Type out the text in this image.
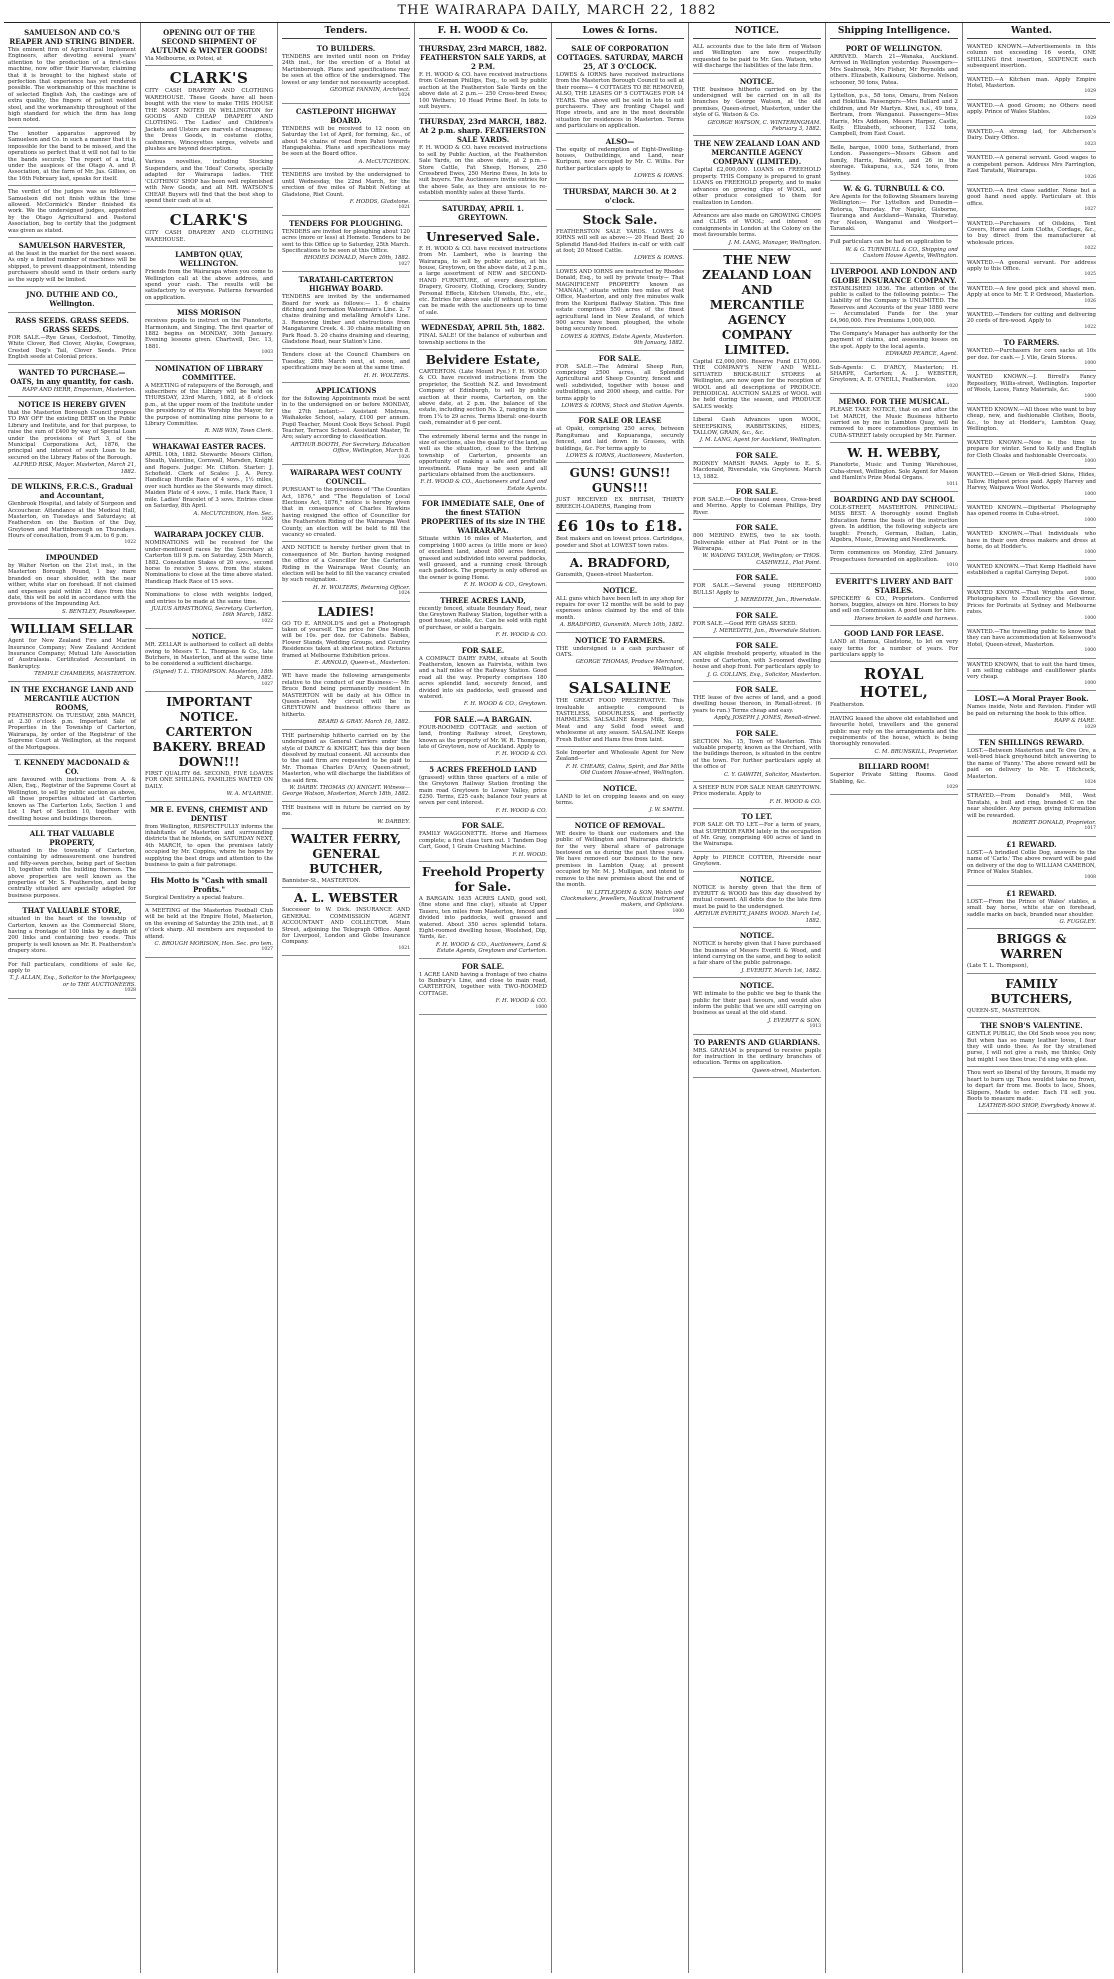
THE WAIRARAPA DAILY, MARCH 22, 1882
SAMUELSON AND CO.'S REAPER AND STRING BINDER.
This eminent firm of Agricultural Implement Engineers, after devoting several years' attention to the production of a first-class machine, now offer their Harvester, claiming that it is brought to the highest state of perfection that experience has yet rendered possible. The workmanship of this machine is of selected English Ash, the castings are of extra quality, the fingers of patent welded steel, and the workmanship throughout of the high standard for which the firm has long been noted.
The knotter apparatus approved by Samuelson and Co. in such a manner that it is impossible for the band to be missed, and the operations so perfect that it will not fail to tie the bands securely. The report of a trial, under the auspices of the Otago A. and P. Association, at the farm of Mr. Jas. Gillies, on the 16th February last, speaks for itself.
The verdict of the judges was as follows:— Samuelson did not finish within the time allowed. McCormick's Binder finished its work. We the undersigned judges, appointed by the Otago Agricultural and Pastoral Association, beg to certify that the judgment was given as stated.
SAMUELSON HARVESTER,
at the least in the market for the next season. As only a limited number of machines will be shipped, to prevent disappointment, intending purchasers should send in their orders early as the supply will be limited.
JNO. DUTHIE AND CO., Wellington.
RASS SEEDS. GRASS SEEDS. GRASS SEEDS.
FOR SALE.—Rye Grass, Cocksfoot, Timothy, White Clover, Red Clover, Alsyke, Cowgrass, Crested Dog's Tail, Clover Seeds. Price English seeds at Colonial prices.
WANTED TO PURCHASE.—OATS, in any quantity, for cash.
RAPP AND HERR, Emporium, Masterton.
NOTICE IS HEREBY GIVEN
that the Masterton Borough Council propose TO PAY OFF the existing DEBT on the Public Library and Institute, and for that purpose, to raise the sum of £400 by way of Special Loan under the provisions of Part 3, of the Municipal Corporations Act, 1876, the principal and interest of such Loan to be secured on the Library Rates of the Borough.
ALFRED RISK, Mayor. Masterton, March 21, 1882.
DE WILKINS, F.R.C.S., Gradual and Accountant,
Glenbrook Hospital, and lately of Surgeon and Accoucheur. Attendance at the Medical Hall, Masterton, on Tuesdays and Saturdays; at Featherston on the Bastion of the Day, Greytown and Martinborough on Thursdays. Hours of consultation, from 9 a.m. to 6 p.m.
1022
IMPOUNDED
by Walter Norton on the 21st inst., in the Masterton Borough Pound, 1 bay mare branded on near shoulder, with the near wither, white star on forehead. If not claimed and expenses paid within 21 days from this date, this will be sold in accordance with the provisions of the Impounding Act.
S. BENTLEY, Poundkeeper.
WILLIAM SELLAR
Agent for New Zealand Fire and Marine Insurance Company; New Zealand Accident Insurance Company; Mutual Life Association of Australasia. Certificated Accountant in Bankruptcy.
TEMPLE CHAMBERS, MASTERTON.
IN THE EXCHANGE LAND AND MERCANTILE AUCTION ROOMS,
FEATHERSTON. On TUESDAY, 28th MARCH, at 2.30 o'clock p.m. Important Sale of Properties in the Township of Carterton, Wairarapa, by order of the Registrar of the Supreme Court at Wellington, at the request of the Mortgagees.
T. KENNEDY MACDONALD & CO.
are favoured with instructions from A. & Allen, Esq., Registrar of the Supreme Court at Wellington, to sell by public auction as above, all those properties situated at Carterton known as The Carterton Lots, Section 1 and Lot 1 Part of Section 10, together with dwelling house and buildings thereon.
ALL THAT VALUABLE PROPERTY,
situated in the township of Carterton, containing by admeasurement one hundred and fifty-seven perches, being part of Section 10, together with the building thereon. The above properties are well known as the properties of Mr. S. Featherston, and being centrally situated are specially adapted for business purposes.
THAT VALUABLE STORE,
situated in the heart of the township of Carterton, known as the Commercial Store, having a frontage of 100 links by a depth of 200 links and containing two roods. This property is well known as Mr. R. Featherston's drapery store.
For full particulars, conditions of sale &c, apply to
T. J. ALLAN, Esq., Solicitor to the Mortgagees; or to THE AUCTIONEERS.
1028
OPENING OUT OF THE SECOND SHIPMENT OF AUTUMN & WINTER GOODS!
Via Melbourne, ex Potosi, at
CLARK'S
CITY CASH DRAPERY AND CLOTHING WAREHOUSE. These Goods have all been bought with the view to make THIS HOUSE THE MOST NOTED IN WELLINGTON for GOODS AND CHEAP DRAPERY AND CLOTHING. The Ladies' and Children's Jackets and Ulsters are marvels of cheapness; the Dress Goods, in costume cloths, cashmeres, Winceyettes serges, velvets and plushes are beyond description.
Various novelties, including Stocking Suspenders, and the 'Ideal' Corsets, specially adapted for Wairarapa ladies. THE 'CLOTHING' SHOP has been well replenished with New Goods, and all MR. WATSON'S CHEAP. Buyers will find that the best shop to spend their cash at is at
CLARK'S
CITY CASH DRAPERY AND CLOTHING WAREHOUSE.
LAMBTON QUAY, WELLINGTON.
Friends from the Wairarapa when you come to Wellington call at the above address, and spend your cash. The results will be satisfactory to everyone. Patterns forwarded on application.
MISS MORISON
receives pupils to instruct on the Pianoforte, Harmonium, and Singing. The first quarter of 1882 begins on MONDAY, 30th January. Evening lessons given. Chartwell, Dec. 13, 1881.
1003
NOMINATION OF LIBRARY COMMITTEE.
A MEETING of ratepayers of the Borough, and subscribers of the Library will be held on THURSDAY, 23rd March, 1882, at 8 o'clock p.m., at the upper room of the Institute under the presidency of His Worship the Mayor, for the purpose of nominating nine persons to a Library Committee.
R. NIB WIN, Town Clerk.
WHAKAWAI EASTER RACES.
APRIL 10th, 1882. Stewards: Messrs Clifton, Sheath, Valentine, Cornwall, Marsden, Knight and Rogers. Judge: Mr. Clifton. Starter: J. Schofield. Clerk of Scales: J. A. Percy. Handicap Hurdle Race of 4 sovs., 1½ miles, over such hurdles as the Stewards may direct. Maiden Plate of 4 sovs., 1 mile. Hack Race, 1 mile. Ladies' Bracelet of 3 sovs. Entries close on Saturday, 8th April.
A. McCUTCHEON, Hon. Sec.
1026
WAIRARAPA JOCKEY CLUB.
NOMINATIONS will be received for the under-mentioned races by the Secretary at Carterton till 9 p.m. on Saturday, 25th March, 1882. Consolation Stakes of 20 sovs., second horse to receive 5 sovs. from the stakes. Nominations to close at the time above stated. Handicap Hack Race of 15 sovs.
Nominations to close with weights lodged, and entries to be made at the same time.
JULIUS ARMSTRONG, Secretary. Carterton, 16th March, 1882.
1022
NOTICE.
MR. ZELLAR is authorised to collect all debts owing to Messrs T. L. Thompson & Co., late Butchers, in Masterton, and at the same time to be considered a sufficient discharge.
(Signed) T. L. THOMPSON. Masterton, 18th March, 1882.
1027
IMPORTANT NOTICE. CARTERTON BAKERY. BREAD DOWN!!!
FIRST QUALITY 6d. SECOND, FIVE LOAVES FOR ONE SHILLING. FAMILIES WAITED ON DAILY.
W. A. M'LARNIE.
MR E. EVENS, CHEMIST AND DENTIST
from Wellington, RESPECTFULLY informs the inhabitants of Masterton and surrounding districts that he intends, on SATURDAY NEXT, 4th MARCH, to open the premises lately occupied by Mr. Coppins, where he hopes by supplying the best drugs and attention to the business to gain a fair patronage.
His Motto is "Cash with small Profits."
Surgical Dentistry a special feature.
A MEETING of the Masterton Football Club will be held at the Empire Hotel, Masterton, on the evening of Saturday the 25th inst., at 8 o'clock sharp. All members are requested to attend.
C. BROUGH MORISON, Hon. Sec. pro tem.
1027
Tenders.
TO BUILDERS.
TENDERS are invited until noon on Friday 24th inst., for the erection of a Hotel at Martinborough. Plans and specifications may be seen at the office of the undersigned. The lowest or any tender not necessarily accepted.
GEORGE FANNIN, Architect.
1024
CASTLEPOINT HIGHWAY BOARD.
TENDERS will be received to 12 noon on Saturday the 1st of April, for forming, &c., of about 54 chains of road from Pahoi towards Hangapakihia. Plans and specifications may be seen at the Board office.
A. McCUTCHEON.
TENDERS are invited by the undersigned to until Wednesday, the 22nd March, for the erection of five miles of Rabbit Netting at Gladstone, Riet Count.
F. HODDS, Gladstone.
1021
TENDERS FOR PLOUGHING.
TENDERS are invited for ploughing about 120 acres (more or less) at Homete. Tenders to be sent to this Office up to Saturday, 25th March. Specifications to be seen at this Office.
RHODES DONALD, March 20th, 1882.
1027
TARATAHI-CARTERTON HIGHWAY BOARD.
TENDERS are invited by the undernamed Board for work as follows:— 1. 6 chains ditching and formation Watermain's Line. 2. 7 chains draining and metalling Arnold's Line. 3. Removing timber and obstructions from Mangatarere Creek. 4. 30 chains metalling on Park Road. 5. 20 chains draining and clearing, Gladstone Road, near Station's Line.
Tenders close at the Council Chambers on Tuesday, 28th March next, at noon, and specifications may be seen at the same time.
H. H. WOLTERS.
APPLICATIONS
for the following Appointments must be sent in to the undersigned on or before MONDAY, the 27th instant:— Assistant Mistress, Waihakeke School, salary, £100 per annum. Pupil Teacher, Mount Cook Boys School. Pupil Teacher, Terrace School. Assistant Master, Te Aro; salary according to classification.
ARTHUR BOOTH, For Secretary. Education Office, Wellington, March 8.
1026
WAIRARAPA WEST COUNTY COUNCIL.
PURSUANT to the provisions of "The Counties Act, 1876," and "The Regulation of Local Elections Act, 1876," notice is hereby given that in consequence of Charles Hawkins having resigned the office of Councillor for the Featherston Riding of the Wairarapa West County, an election will be held to fill the vacancy so created.
AND NOTICE is hereby further given that in consequence of Mr. Burton having resigned the office of a Councillor for the Carterton Riding in the Wairarapa West County, an election will be held to fill the vacancy created by such resignation.
H. H. WOLTERS, Returning Officer.
1024
LADIES!
GO TO E. ARNOLD'S and get a Photograph taken of yourself. The price for One Month will be 10s. per doz. for Cabinets. Babies, Flower Stands, Wedding Groups, and Country Residences taken at shortest notice. Pictures framed at Melbourne Exhibition prices.
E. ARNOLD, Queen-st., Masterton.
WE have made the following arrangements relative to the conduct of our Business:— Mr. Bruce Bond being permanently resident in MASTERTON will be daily at his Office in Queen-street. My circuit will be in GREYTOWN and business offices there as hitherto.
BEARD & GRAY. March 16, 1882.
THE partnership hitherto carried on by the undersigned as General Carriers under the style of DARCY & KNIGHT, has this day been dissolved by mutual consent. All accounts due to the said firm are requested to be paid to Mr. Thomas Charles D'Arcy, Queen-street, Masterton, who will discharge the liabilities of the said firm.
W. DARBY. THOMAS (X) KNIGHT. Witness— George Watson, Masterton, March 18th, 1882.
THE business will in future be carried on by me.
W. DARBEY.
WALTER FERRY, GENERAL BUTCHER,
Bannister-St., MASTERTON.
A. L. WEBSTER
Successor to W. Dick. INSURANCE AND GENERAL COMMISSION AGENT ACCOUNTANT AND COLLECTOR. Main Street, adjoining the Telegraph Office. Agent for Liverpool, London and Globe Insurance Company.
1021
F. H. WOOD & Co.
THURSDAY, 23rd MARCH, 1882. FEATHERSTON SALE YARDS, at 2 P.M.
F. H. WOOD & CO. have received instructions from Coleman Phillips, Esq., to sell by public auction at the Featherston Sale Yards on the above date at 2 p.m.— 250 Cross-bred Ewes; 100 Wethers; 10 Head Prime Beef. In lots to suit buyers.
THURSDAY, 23rd MARCH, 1882. At 2 p.m. sharp. FEATHERSTON SALE YARDS.
F. H. WOOD & CO. have received instructions to sell by Public Auction, at the Featherston Sale Yards, on the above date, at 2 p.m.— Store Cattle, Fat Sheep, Horses, 250 Crossbred Ewes, 250 Merino Ewes, In lots to suit buyers. The Auctioneers invite entries for the above Sale, as they are anxious to re-establish monthly sales at these Yards.
SATURDAY, APRIL 1. GREYTOWN.
Unreserved Sale.
F. H. WOOD & CO. have received instructions from Mr. Lambert, who is leaving the Wairarapa, to sell by public auction, at his house, Greytown, on the above date, at 2 p.m., a large assortment of NEW and SECOND-HAND FURNITURE, of every description. Drapery, Grocery, Clothing, Crockery, Sundry Personal Effects, Kitchen Utensils, Etc., etc., etc. Entries for above sale (if without reserve) can be made with the auctioneers up to time of sale.
WEDNESDAY, APRIL 5th, 1882.
FINAL SALE! Of the balance of suburban and township sections in the
Belvidere Estate,
CARTERTON. (Late Mount Pye.) F. H. WOOD & CO. have received instructions from the proprietor, the Scottish N.Z. and Investment Company of Edinburgh, to sell by public auction at their rooms, Carterton, on the above date, at 2 p.m. the balance of the estate, including section No. 2, ranging in size from 1¼ to 29 acres. Terms liberal: one-fourth cash, remainder at 6 per cent.
The extremely liberal terms and the range in size of sections, also the quality of the land, as well as the situation, close to the thriving township of Carterton, presents an opportunity of making a safe and profitable investment. Plans may be seen and all particulars obtained from the auctioneers.
F. H. WOOD & CO., Auctioneers and Land and Estate Agents.
FOR IMMEDIATE SALE, One of the finest STATION PROPERTIES of its size IN THE WAIRARAPA.
Situate within 16 miles of Masterton, and comprising 1600 acres (a little more or less) of excellent land, about 800 acres fenced, grassed and subdivided into several paddocks, well grassed, and a running creek through each paddock. The property is only offered as the owner is going Home.
F. H. WOOD & CO., Greytown.
THREE ACRES LAND,
recently fenced, situate Boundary Road, near the Greytown Railway Station, together with a good house, stable, &c. Can be sold with right of purchase, or sold a bargain.
F. H. WOOD & CO.
FOR SALE.
A COMPACT DAIRY FARM, situate at South Featherston, known as Fairvista, within two and a half miles of the Railway Station. Good road all the way. Property comprises 180 acres splendid land, securely fenced, and divided into six paddocks, well grassed and watered.
F. H. WOOD & CO., Greytown.
FOR SALE.—A BARGAIN.
FOUR-ROOMED COTTAGE and section of land, fronting Railway street, Greytown, known as the property of Mr. W. R. Thompson, late of Greytown, now of Auckland. Apply to
F. H. WOOD & CO.
5 ACRES FREEHOLD LAND
(grassed) within three quarters of a mile of the Greytown Railway Station fronting the main road Greytown to Lower Valley, price £250. Terms, £25 cash; balance four years at seven per cent interest.
F. H. WOOD & CO.
FOR SALE.
FAMILY WAGGONETTE. Horse and Harness complete; a first class turn out. 1 Tandem Dog Cart, Good, 1 Grain Crushing Machine.
F. H. WOOD.
Freehold Property for Sale.
A BARGAIN. 1635 ACRES LAND, good soil, (fine stone and fine clay), situate at Upper Taueru, ten miles from Masterton, fenced and divided into paddocks, well grassed and watered. About 350 acres splendid totara. Eight-roomed dwelling house, Woolshed, Dip, Yards, &c.
F. H. WOOD & CO., Auctioneers, Land & Estate Agents, Greytown and Carterton.
FOR SALE.
1 ACRE LAND having a frontage of two chains to Bunbury's Line, and close to main road, CARTERTON, together with TWO-ROOMED COTTAGE.
F. H. WOOD & CO.
1000
Lowes & Iorns.
SALE OF CORPORATION COTTAGES. SATURDAY, MARCH 25, AT 3 O'CLOCK.
LOWES & IORNS have received instructions from the Masterton Borough Council to sell at their rooms— 4 COTTAGES TO BE REMOVED, ALSO, THE LEASES OF 5 COTTAGES FOR 14 YEARS. The above will be sold in lots to suit purchasers. They are fronting Chapel and Hope streets, and are in the most desirable situation for residences in Masterton. Terms and particulars on application.
ALSO—
The equity of redemption of Eight-Dwelling-houses, Outbuildings, and Land, near Kuripuni, now occupied by Mr. C. Willis. For further particulars apply to
LOWES & IORNS.
THURSDAY, MARCH 30. At 2 o'clock.
Stock Sale.
FEATHERSTON SALE YARDS. LOWES & IORNS will sell as above:— 20 Head Beef; 20 Splendid Hand-fed Heifers in-calf or with calf at foot; 20 Mixed Cattle.
LOWES & IORNS.
LOWES AND IORNS are instructed by Rhodes Donald, Esq., to sell by private treaty— That MAGNIFICENT PROPERTY known as "MANAIA," situate within two miles of Post Office, Masterton, and only five minutes walk from the Kuripuni Railway Station. This fine estate comprises 550 acres of the finest agricultural land in New Zealand, of which 900 acres have been ploughed, the whole being securely fenced.
LOWES & IORNS, Estate Agents, Masterton. 9th January, 1882.
FOR SALE.
FOR SALE.—The Admiral Sheep Run, comprising 2500 acres, all Splendid Agricultural and Sheep Country, fenced and well subdivided, together with house and outbuildings, and 2000 sheep, and cattle. For terms apply to
LOWES & IORNS, Stock and Station Agents.
FOR SALE OR LEASE
at Opaki, comprising 250 acres, between Rangitumau and Kopuaranga, securely fenced, and laid down in Grasses, with buildings, &c. For terms apply to
LOWES & IORNS, Auctioneers, Masterton.
GUNS! GUNS!! GUNS!!!
JUST RECEIVED EX BRITISH, THIRTY BREECH-LOADERS, Ranging from
£6 10s to £18.
Best makers and on lowest prices. Cartridges, powder and Shot at LOWEST town rates.
A. BRADFORD,
Gunsmith, Queen-street Masterton.
NOTICE.
ALL guns which have been left in any shop for repairs for over 12 months will be sold to pay expenses unless claimed by the end of this month.
A. BRADFORD, Gunsmith. March 10th, 1882.
NOTICE TO FARMERS.
THE undersigned is a cash purchaser of OATS.
GEORGE THOMAS, Produce Merchant, Wellington.
SALSALINE
THE GREAT FOOD PRESERVATIVE. This invaluable antiseptic compound is TASTELESS, ODOURLESS, and perfectly HARMLESS. SALSALINE Keeps Milk, Soup, Meat and any Solid food sweet and wholesome at any season. SALSALINE Keeps Fresh Butter and Hams free from taint.
Sole Importer and Wholesale Agent for New Zealand—
F. H. CHEARS, Colins, Spirit, and Bar Mills Old Custom House-street, Wellington.
NOTICE.
LAND to let on cropping leases and on easy terms.
J. W. SMITH.
NOTICE OF REMOVAL.
WE desire to thank our customers and the public of Wellington and Wairarapa districts for the very liberal share of patronage bestowed on us during the past three years. We have removed our business to the new premises in Lambton Quay, at present occupied by Mr. M. J. Mulligan, and intend to remove to the new premises about the end of the month.
W. LITTLEJOHN & SON, Watch and Clockmakers, Jewellers, Nautical Instrument makers, and Opticians.
1000
NOTICE.
ALL accounts due to the late firm of Watson and Wellington are now respectfully requested to be paid to Mr. Geo. Watson, who will discharge the liabilities of the late firm.
NOTICE.
THE business hitherto carried on by the undersigned will be carried on in all its branches by George Watson, at the old premises, Queen-street, Masterton, under the style of G. Watson & Co.
GEORGE WATSON, C. WINTERINGHAM. February 3, 1882.
THE NEW ZEALAND LOAN AND MERCANTILE AGENCY COMPANY (LIMITED).
Capital £2,000,000. LOANS on FREEHOLD property. THIS Company is prepared to grant LOANS on FREEHOLD property, and to make advances on growing clips of WOOL, and other produce consigned to them for realization in London.
Advances are also made on GROWING CROPS and CLIPS of WOOL; and interest on consignments in London at the Colony on the most favourable terms.
J. M. LANG, Manager, Wellington.
THE NEW ZEALAND LOAN AND MERCANTILE AGENCY COMPANY LIMITED.
Capital £2,000,000. Reserve Fund £170,000. THE COMPANY'S NEW AND WELL-SITUATED BRICK-BUILT STORES at Wellington, are now open for the reception of WOOL and all descriptions of PRODUCE. PERIODICAL AUCTION SALES of WOOL will be held during the season, and PRODUCE SALES weekly.
Liberal Cash Advances upon WOOL, SHEEPSKINS, RABBITSKINS, HIDES, TALLOW, GRAIN, &c., &c.
J. M. LANG, Agent for Auckland, Wellington.
FOR SALE.
RODNEY MARSH RAMS. Apply to E. S. Macdonald, Riversdale, via Greytown. March 13, 1882.
FOR SALE.
FOR SALE.—One thousand ewes, Cross-bred and Merino. Apply to Coleman Phillips, Dry River.
FOR SALE.
800 MERINO EWES, two to six tooth. Deliverable either at Flat Point or in the Wairarapa.
W. WADING TAYLOR, Wellington; or THOS. CASHWELL, Flat Point.
FOR SALE.
FOR SALE.—Several young HEREFORD BULLS! Apply to
J. MEREDITH, Jun., Riversdale.
FOR SALE.
FOR SALE.—Good RYE GRASS SEED.
J. MEREDITH, Jun., Riversdale Station.
FOR SALE.
AN eligible freehold property, situated in the centre of Carterton, with 3-roomed dwelling house and shop front. For particulars apply to
J. G. COLLINS, Esq., Solicitor, Masterton.
FOR SALE.
THE lease of five acres of land, and a good dwelling house thereon, in Renall-street. (6 years to run.) Terms cheap and easy.
Apply, JOSEPH J. JONES, Renall-street.
FOR SALE.
SECTION No. 15, Town of Masterton. This valuable property, known as the Orchard, with the buildings thereon, is situated in the centre of the town. For further particulars apply at the office of
C. Y. GAWITH, Solicitor, Masterton.
A SHEEP RUN FOR SALE NEAR GREYTOWN. Price moderate. Apply to
F. H. WOOD & CO.
TO LET.
FOR SALE OR TO LET.—For a term of years, that SUPERIOR FARM lately in the occupation of Mr. Gray, comprising 400 acres of land in the Wairarapa.
Apply to PIERCE COTTER, Riverside near Greytown.
NOTICE.
NOTICE is hereby given that the firm of EVERITT & WOOD has this day dissolved by mutual consent. All debts due to the late firm must be paid to the undersigned.
ARTHUR EVERITT, JAMES WOOD. March 1st, 1882.
NOTICE.
NOTICE is hereby given that I have purchased the business of Messrs Everitt & Wood, and intend carrying on the same, and beg to solicit a fair share of the public patronage.
J. EVERITT. March 1st, 1882.
NOTICE.
WE intimate to the public we beg to thank the public for their past favours, and would also inform the public that we are still carrying on business as usual at the old stand.
J. EVERITT & SON.
1013
TO PARENTS AND GUARDIANS.
MRS. GRAHAM is prepared to receive pupils for instruction in the ordinary branches of education. Terms on application.
Queen-street, Masterton.
Shipping Intelligence.
PORT OF WELLINGTON.
ARRIVED. March 21—Wanaka, Auckland. Arrived in Wellington yesterday. Passengers—Mrs Seabrook, Mrs Fisher, Mr Reynolds and others. Elizabeth, Kaikoura, Gisborne. Nelson, schooner, 50 tons, Patea.
Lyttelton, p.s., 58 tons, Omaru, from Nelson and Hokitika. Passengers—Mrs Bullard and 2 children, and Mr Martyn. Kiwi, s.s., 49 tons, Bertram, from Wanganui. Passengers—Miss Harris, Mrs Addison, Messrs Harper, Castle, Kelly. Elizabeth, schooner, 132 tons, Campbell, from East Coast.
Belle, barque, 1000 tons, Sutherland, from London. Passengers—Messrs Gibson and family, Harris, Baldwin, and 26 in the steerage. Takapuna, s.s., 524 tons, from Sydney.
W. & G. TURNBULL & CO.
Are Agents for the following Steamers leaving Wellington:— For Lyttelton and Dunedin—Rotorua, Thursday. For Napier, Gisborne, Tauranga and Auckland—Wanaka, Thursday. For Nelson, Wanganui and Westport—Taranaki.
Full particulars can be had on application to
W. & G. TURNBULL & CO., Shipping and Custom House Agents, Wellington.
LIVERPOOL AND LONDON AND GLOBE INSURANCE COMPANY.
ESTABLISHED 1836. The attention of the public is called to the following points:— The Liability of the Company is UNLIMITED. The Reserves and Accounts of the year 1880 were— Accumulated Funds for the year £4,960,000. Fire Premiums 1,000,000.
The Company's Manager has authority for the payment of claims, and assessing losses on the spot. Apply to the local agents.
EDWARD PEARCE, Agent.
Sub-Agents: C. D'ARCY, Masterton; H. SHARPE, Carterton; A. J. WEBSTER, Greytown; A. E. O'NEILL, Featherston.
1020
MEMO. FOR THE MUSICAL.
PLEASE TAKE NOTICE, that on and after the 1st MARCH, the Music Business hitherto carried on by me in Lambton Quay, will be removed to more commodious premises in CUBA-STREET lately occupied by Mr. Farmer.
W. H. WEBBY,
Pianoforte, Music and Tuning Warehouse, Cuba-street, Wellington. Sole Agent for Mason and Hamlin's Prize Medal Organs.
1011
BOARDING AND DAY SCHOOL
COLE-STREET, MASTERTON. PRINCIPAL: MISS BEST. A thoroughly sound English Education forms the basis of the instruction given. In addition, the following subjects are taught: French, German, Italian, Latin, Algebra, Music, Drawing and Needlework.
Term commences on Monday, 23rd January. Prospectuses forwarded on application.
1010
EVERITT'S LIVERY AND BAIT STABLES.
SPECKERY & CO., Proprietors. Conferred horses, buggies, always on hire. Horses to buy and sell on Commission. A good team for hire.
Horses broken to saddle and harness.
GOOD LAND FOR LEASE.
LAND at Hamua, Gladstone, to let on very easy terms for a number of years. For particulars apply to
ROYAL HOTEL,
Featherston.
HAVING leased the above old established and favourite hotel, travellers and the general public may rely on the arrangements and the requirements of the house, which is being thoroughly renovated.
C. M. BRUNSKILL, Proprietor.
BILLIARD ROOM!
Superior Private Sitting Rooms. Good Stabling, &c.
1029
Wanted.
WANTED KNOWN.—Advertisements in this column not exceeding 16 words, ONE SHILLING first insertion, SIXPENCE each subsequent insertion.
WANTED.—A Kitchen man. Apply Empire Hotel, Masterton.
1029
WANTED.—A good Groom; no Others need apply. Prince of Wales Stables.
1029
WANTED.—A strong lad, for Aitcherson's Dairy. Dairy Office.
1023
WANTED.—A general servant. Good wages to a competent person. Address Mrs Farrington, East Taratahi, Wairarapa.
1026
WANTED.—A first class saddler. None but a good hand need apply. Particulars at this office.
1027
WANTED.—Purchasers of Oilskins, Tent Covers, Horse and Loin Cloths, Cordage, &c., to buy direct from the manufacturer at wholesale prices.
1022
WANTED.—A general servant. For address apply to this Office.
1025
WANTED.—A few good pick and shovel men. Apply at once to Mr. T. P. Ordwood, Masterton.
1026
WANTED.—Tenders for cutting and delivering 20 cords of fire-wood. Apply to
1022
TO FARMERS.
WANTED.—Purchasers for corn sacks at 10s per doz. for cash.— J. Vile, Grain Stores.
1000
WANTED KNOWN.—J. Birrell's Fancy Repository, Willis-street, Wellington. Importer of Wools, Laces, Fancy Materials, &c.
1000
WANTED KNOWN.—All those who want to buy cheap, new, and fashionable Clothes, Boots, &c., to buy at Hodder's, Lambton Quay, Wellington.
WANTED KNOWN.—Now is the time to prepare for winter. Send to Kelly and English for Cloth Cloaks and fashionable Overcoats.
1000
WANTED.—Green or Well-dried Skins, Hides, Tallow. Highest prices paid. Apply Harvey and Harvey, Waipawa Wool Works.
1000
WANTED KNOWN.—Diptheria! Photography has opened rooms in Cuba-street.
1000
WANTED KNOWN.—That Individuals who have in their own dress makers and dress at home, do at Hodder's.
1000
WANTED KNOWN.—That Kemp Hadfield have established a capital Carrying Depot.
1000
WANTED KNOWN.—That Wrights and Bone, Photographers to Excellency the Governor. Prices for Portraits at Sydney and Melbourne rates.
1000
WANTED.—The travelling public to know that they can have accommodation at Kelsenwood's Hotel, Queen-street, Masterton.
1000
WANTED KNOWN, that to suit the hard times, I am selling cabbage and cauliflower plants very cheap.
1000
LOST.—A Moral Prayer Book.
Names inside, Note and Revision. Finder will be paid on returning the book to this office.
RAPP & HARE.
1029
TEN SHILLINGS REWARD.
LOST.—Between Masterton and Te Ore Ore, a well-bred black greyhound bitch answering to the name of 'Fanny.' The above reward will be paid on delivery to Mr. T. Hitchcock, Masterton.
1024
STRAYED.—From Donald's Mill, West Taratahi, a bull and ring, branded C on the near shoulder. Any person giving information will be rewarded.
ROBERT DONALD, Proprietor.
1017
£1 REWARD.
LOST.—A brindled Collie Dog, answers to the name of 'Carlo.' The above reward will be paid on delivery of the dog to WILLIAM CAMERON, Prince of Wales Stables.
1008
£1 REWARD.
LOST.—From the Prince of Wales' stables, a small bay horse, white star on forehead, saddle marks on back, branded near shoulder.
G. FUGGLEY.
BRIGGS & WARREN
(Late T. L. Thompson),
FAMILY BUTCHERS,
QUEEN-ST., MASTERTON.
THE SNOB'S VALENTINE.
GENTLE PUBLIC, the Old Snob woos you now; But when has so many leather loves, I fear they will undo thee. As for thy straitened purse, I will not give a rush, me thinks; Only but might I see thee true; I'd sing with glee.
Thou wert so liberal of thy favours, It made my heart to burn up; Thou wouldst take no frown, to depart far from me. Boots to lace, Shoes, Slippers, Made to order. Each I'll sell you. Boots to measure made.
LEATHER-SOO SHOP, Everybody knows it.
